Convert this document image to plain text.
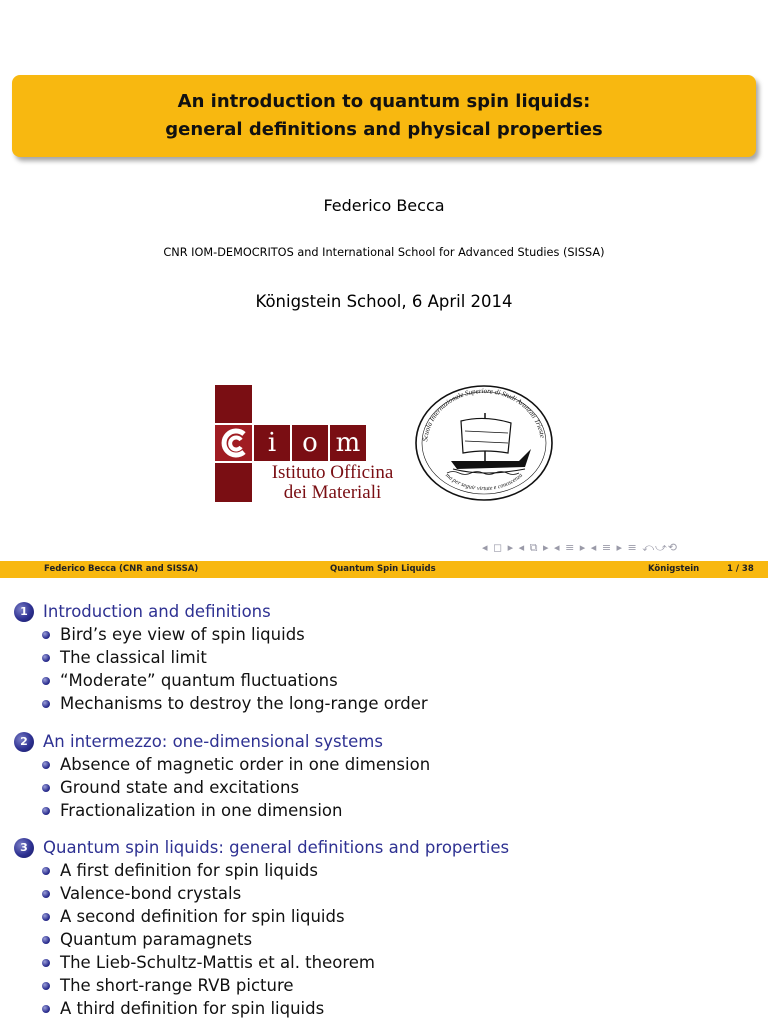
An introduction to quantum spin liquids:
general definitions and physical properties
Federico Becca
CNR IOM-DEMOCRITOS and International School for Advanced Studies (SISSA)
Königstein School, 6 April 2014
i	o m
Istituto Officina
dei Materiali
Scuola Internazionale Superiore di Studi Avanzati Trieste
ma per seguir virtute e conoscenza
◂ ◻ ▸ ◂ ⧉ ▸ ◂ ≡ ▸ ◂ ≡ ▸ ≡ ⤺⤻⟲
Federico Becca (CNR and SISSA)	Quantum Spin Liquids	Königstein	1 / 38
1 Introduction and definitions
Bird’s eye view of spin liquids
The classical limit
“Moderate” quantum fluctuations
Mechanisms to destroy the long-range order
2 An intermezzo: one-dimensional systems
Absence of magnetic order in one dimension
Ground state and excitations
Fractionalization in one dimension
3 Quantum spin liquids: general definitions and properties
A first definition for spin liquids
Valence-bond crystals
A second definition for spin liquids
Quantum paramagnets
The Lieb-Schultz-Mattis et al. theorem
The short-range RVB picture
A third definition for spin liquids
